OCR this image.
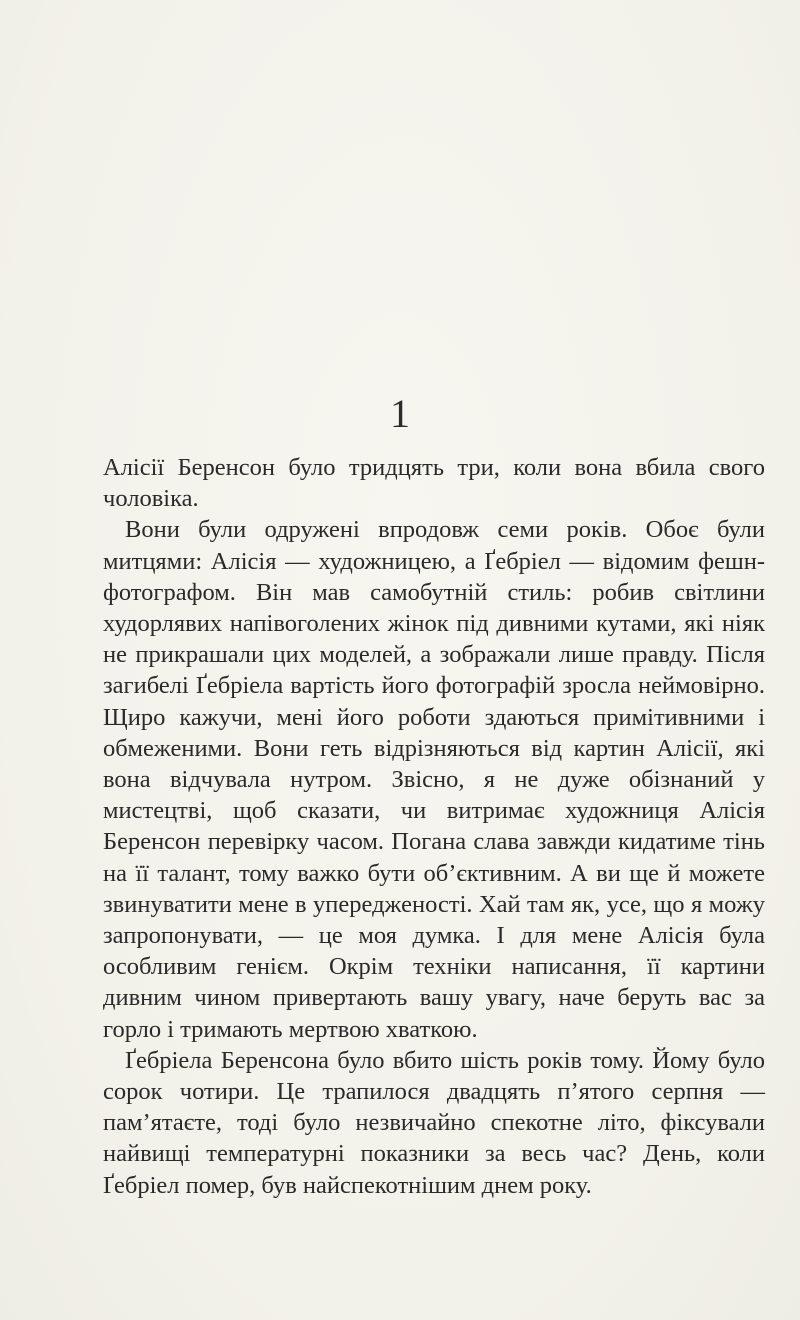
1

Алісії Беренсон було тридцять три, коли вона вбила свого чоловіка.

Вони були одружені впродовж семи років. Обоє були митцями: Алісія — художницею, а Ґебріел — відомим фешн-фотографом. Він мав самобутній стиль: робив світлини худорлявих напівоголених жінок під дивними кутами, які ніяк не прикрашали цих моделей, а зображали лише правду. Після загибелі Ґебріела вартість його фотографій зросла неймовірно. Щиро кажучи, мені його роботи здаються примітивними і обмеженими. Вони геть відрізняються від картин Алісії, які вона відчувала нутром. Звісно, я не дуже обізнаний у мистецтві, щоб сказати, чи витримає художниця Алісія Беренсон перевірку часом. Погана слава завжди кидатиме тінь на її талант, тому важко бути об’єктивним. А ви ще й можете звинуватити мене в упередженості. Хай там як, усе, що я можу запропонувати, — це моя думка. І для мене Алісія була особливим генієм. Окрім техніки написання, її картини дивним чином привертають вашу увагу, наче беруть вас за горло і тримають мертвою хваткою.

Ґебріела Беренсона було вбито шість років тому. Йому було сорок чотири. Це трапилося двадцять п’ятого серпня — пам’ятаєте, тоді було незвичайно спекотне літо, фіксували найвищі температурні показники за весь час? День, коли Ґебріел помер, був найспекотнішим днем року.
